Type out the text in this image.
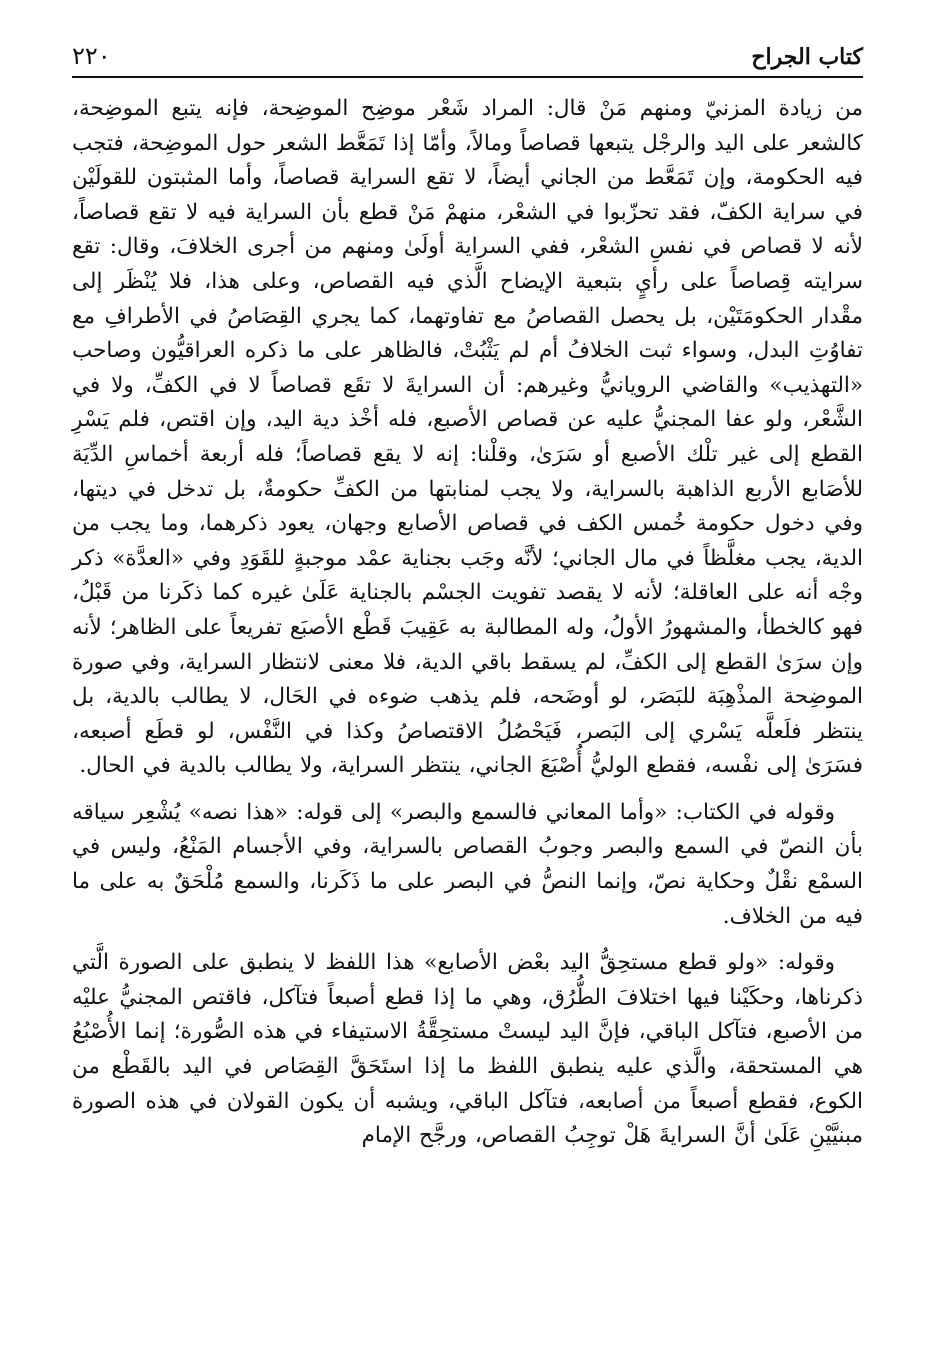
كتاب الجراح
٢٢٠

من زيادة المزنيّ ومنهم مَنْ قال: المراد شَعْر موضِح الموضِحة، فإنه يتبع الموضِحة، كالشعر على اليد والرجْل يتبعها قصاصاً ومالاً، وأمّا إذا تَمَعَّط الشعر حول الموضِحة، فتجب فيه الحكومة، وإن تَمَعَّط من الجاني أيضاً، لا تقع السراية قصاصاً، وأما المثبتون للقولَيْن في سراية الكفّ، فقد تحزّبوا في الشعْر، منهمْ مَنْ قطع بأن السراية فيه لا تقع قصاصاً، لأنه لا قصاص في نفسِ الشعْر، ففي السراية أولَىٰ ومنهم من أجرى الخلافَ، وقال: تقع سرايته قِصاصاً على رأيٍ بتبعية الإيضاح الَّذي فيه القصاص، وعلى هذا، فلا يُنْظَر إلى مقْدار الحكومَتَيْن، بل يحصل القصاصُ مع تفاوتهما، كما يجري القِصَاصُ في الأطرافِ مع تفاوُتِ البدل، وسواء ثبت الخلافُ أم لم يَثْبُتْ، فالظاهر على ما ذكره العراقيُّون وصاحب «التهذيب» والقاضي الرويانيُّ وغيرهم: أن السرايةَ لا تقَع قصاصاً لا في الكفِّ، ولا في الشَّعْر، ولو عفا المجنيُّ عليه عن قصاص الأصبع، فله أخْذ دية اليد، وإن اقتص، فلم يَسْرِ القطع إلى غير تلْك الأصبع أو سَرَىٰ، وقلْنا: إنه لا يقع قصاصاً؛ فله أربعة أخماسِ الدِّيَة للأصَابع الأربع الذاهبة بالسراية، ولا يجب لمنابتها من الكفِّ حكومةٌ، بل تدخل في ديتها، وفي دخول حكومة خُمس الكف في قصاص الأصابع وجهان، يعود ذكرهما، وما يجب من الدية، يجب مغلَّظاً في مال الجاني؛ لأنَّه وجَب بجناية عمْد موجبةٍ للقَوَدِ وفي «العدَّة» ذكر وجْه أنه على العاقلة؛ لأنه لا يقصد تفويت الجسْم بالجناية عَلَىٰ غيره كما ذكَرنا من قَبْلُ، فهو كالخطأ، والمشهورُ الأولُ، وله المطالبة به عَقِيبَ قَطْع الأصبَع تفريعاً على الظاهر؛ لأنه وإن سرَىٰ القطع إلى الكفِّ، لم يسقط باقي الدية، فلا معنى لانتظار السراية، وفي صورة الموضِحة المذْهِبَة للبَصَر، لو أوضَحه، فلم يذهب ضوءه في الحَال، لا يطالب بالدية، بل ينتظر فلَعلَّه يَسْري إلى البَصر، فَيَحْصُلُ الاقتصاصُ وكذا في النَّفْس، لو قطَع أصبعه، فسَرَىٰ إلى نفْسه، فقطع الوليُّ أُصْبَعَ الجاني، ينتظر السراية، ولا يطالب بالدية في الحال.

وقوله في الكتاب: «وأما المعاني فالسمع والبصر» إلى قوله: «هذا نصه» يُشْعِر سياقه بأن النصّ في السمع والبصر وجوبُ القصاص بالسراية، وفي الأجسام المَنْعُ، وليس في السمْع نقْلٌ وحكاية نصّ، وإنما النصُّ في البصر على ما ذَكَرنا، والسمع مُلْحَقٌ به على ما فيه من الخلاف.

وقوله: «ولو قطع مستحِقُّ اليد بعْض الأصابع» هذا اللفظ لا ينطبق على الصورة الَّتي ذكرناها، وحكَيْنا فيها اختلافَ الطُّرُق، وهي ما إذا قطع أصبعاً فتآكل، فاقتص المجنيُّ عليْه من الأصبع، فتآكل الباقي، فإنَّ اليد ليستْ مستحِقَّةُ الاستيفاء في هذه الصُّورة؛ إنما الأُصْبُعُ هي المستحقة، والَّذي عليه ينطبق اللفظ ما إذا استَحَقَّ القِصَاص في اليد بالقَطْع من الكوع، فقطع أصبعاً من أصابعه، فتآكل الباقي، ويشبه أن يكون القولان في هذه الصورة مبنيَّيْنِ عَلَىٰ أنَّ السرايةَ هَلْ توجِبُ القصاص، ورجَّح الإمام
